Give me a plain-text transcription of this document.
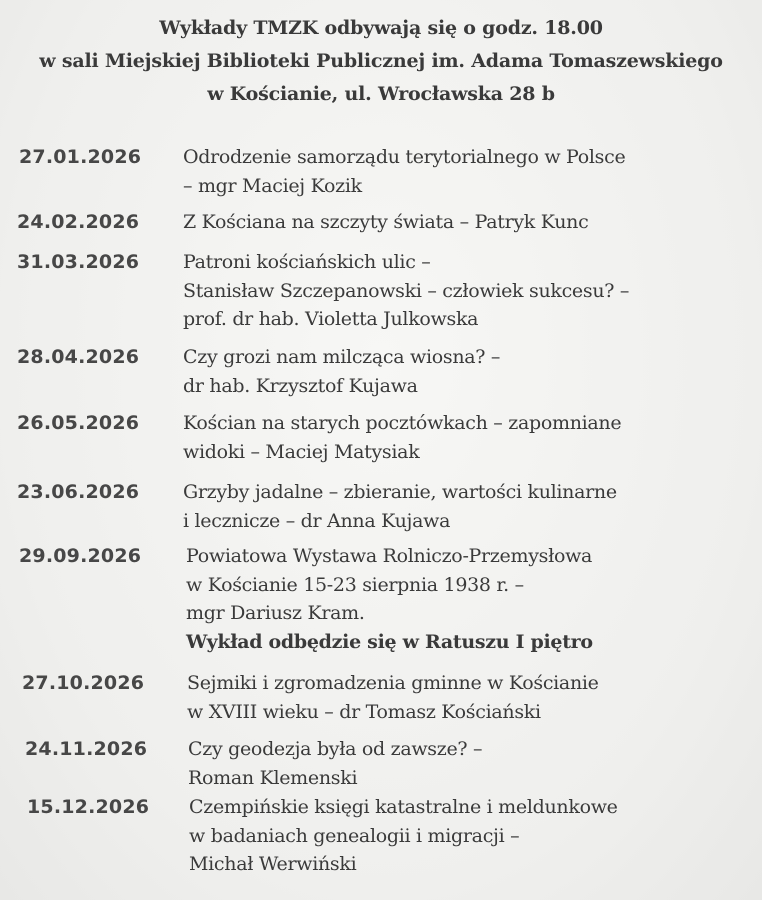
Wykłady TMZK odbywają się o godz. 18.00
w sali Miejskiej Biblioteki Publicznej im. Adama Tomaszewskiego
w Kościanie, ul. Wrocławska 28 b
27.01.2026 Odrodzenie samorządu terytorialnego w Polsce
– mgr Maciej Kozik
24.02.2026 Z Kościana na szczyty świata – Patryk Kunc
31.03.2026 Patroni kościańskich ulic –
Stanisław Szczepanowski – człowiek sukcesu? –
prof. dr hab. Violetta Julkowska
28.04.2026 Czy grozi nam milcząca wiosna? –
dr hab. Krzysztof Kujawa
26.05.2026 Kościan na starych pocztówkach – zapomniane
widoki – Maciej Matysiak
23.06.2026 Grzyby jadalne – zbieranie, wartości kulinarne
i lecznicze – dr Anna Kujawa
29.09.2026 Powiatowa Wystawa Rolniczo-Przemysłowa
w Kościanie 15-23 sierpnia 1938 r. –
mgr Dariusz Kram.
Wykład odbędzie się w Ratuszu I piętro
27.10.2026 Sejmiki i zgromadzenia gminne w Kościanie
w XVIII wieku – dr Tomasz Kościański
24.11.2026 Czy geodezja była od zawsze? –
Roman Klemenski
15.12.2026 Czempińskie księgi katastralne i meldunkowe
w badaniach genealogii i migracji –
Michał Werwiński
